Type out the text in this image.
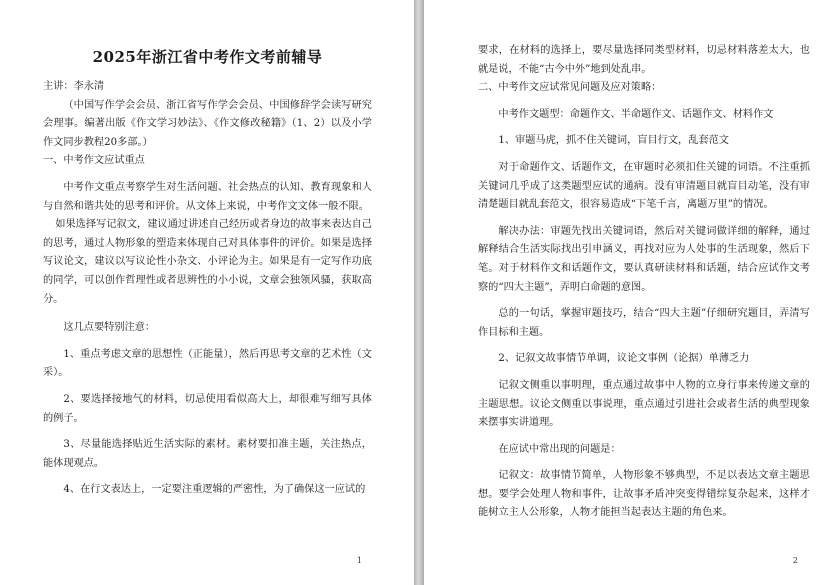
2025年浙江省中考作文考前辅导

主讲：李永清

（中国写作学会会员、浙江省写作学会会员、中国修辞学会读写研究会理事。编著出版《作文学习妙法》、《作文修改秘籍》（1、2）以及小学作文同步教程20多部。）

一、中考作文应试重点

中考作文重点考察学生对生活问题、社会热点的认知、教育现象和人与自然和谐共处的思考和评价。从文体上来说，中考作文文体一般不限。

如果选择写记叙文，建议通过讲述自己经历或者身边的故事来表达自己的思考，通过人物形象的塑造来体现自己对具体事件的评价。如果是选择写议论文，建议以写议论性小杂文、小评论为主。如果是有一定写作功底的同学，可以创作哲理性或者思辨性的小小说，文章会独领风骚，获取高分。

这几点要特别注意：

1、重点考虑文章的思想性（正能量），然后再思考文章的艺术性（文采）。

2、要选择接地气的材料，切忌使用看似高大上，却很难写细写具体的例子。

3、尽量能选择贴近生活实际的素材。素材要扣准主题，关注热点，能体现观点。

4、在行文表达上，一定要注重逻辑的严密性，为了确保这一应试的

1

要求，在材料的选择上，要尽量选择同类型材料，切忌材料落差太大，也就是说，不能“古今中外”地到处乱串。

二、中考作文应试常见问题及应对策略：

中考作文题型：命题作文、半命题作文、话题作文、材料作文

1、审题马虎，抓不住关键词，盲目行文，乱套范文

对于命题作文、话题作文，在审题时必须扣住关键的词语。不注重抓关键词几乎成了这类题型应试的通病。没有审清题目就盲目动笔，没有审清楚题目就乱套范文，很容易造成“下笔千言，离题万里”的情况。

解决办法：审题先找出关键词语，然后对关键词做详细的解释，通过解释结合生活实际找出引申涵义，再找对应为人处事的生活现象，然后下笔。对于材料作文和话题作文，要认真研读材料和话题，结合应试作文考察的“四大主题”，弄明白命题的意图。

总的一句话，掌握审题技巧，结合“四大主题”仔细研究题目，弄清写作目标和主题。

2、记叙文故事情节单调，议论文事例（论据）单薄乏力

记叙文侧重以事明理，重点通过故事中人物的立身行事来传递文章的主题思想。议论文侧重以事说理，重点通过引进社会或者生活的典型现象来摆事实讲道理。

在应试中常出现的问题是：

记叙文：故事情节简单，人物形象不够典型，不足以表达文章主题思想。要学会处理人物和事件，让故事矛盾冲突变得错综复杂起来，这样才能树立主人公形象，人物才能担当起表达主题的角色来。

2
